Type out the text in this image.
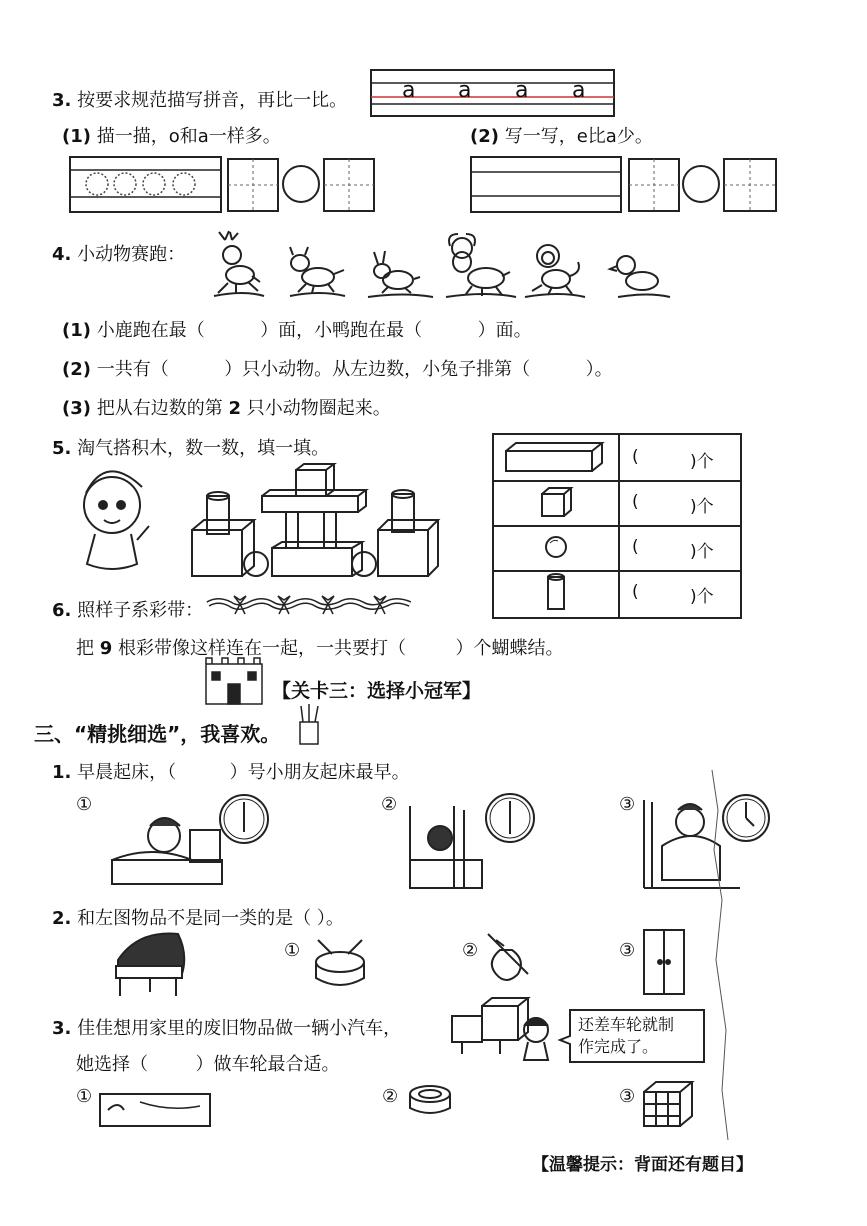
3. 按要求规范描写拼音，再比一比。 a a a a
(1) 描一描，o和a一样多。	(2) 写一写，e比a少。
4. 小动物赛跑：
(1) 小鹿跑在最（	）面，小鸭跑在最（	）面。
(2) 一共有（	）只小动物。从左边数，小兔子排第（	）。
(3) 把从右边数的第 2 只小动物圈起来。
5. 淘气搭积木，数一数，填一填。	(	)个
(	)个
(	)个
(	)个
6. 照样子系彩带：
把 9 根彩带像这样连在一起，一共要打（	）个蝴蝶结。
【关卡三：选择小冠军】
三、“精挑细选”，我喜欢。
1. 早晨起床，（	）号小朋友起床最早。
①	②	③
2. 和左图物品不是同一类的是（ ）。
①	②	③
3. 佳佳想用家里的废旧物品做一辆小汽车，
她选择（	）做车轮最合适。
还差车轮就制
作完成了。
①	②	③
【温馨提示：背面还有题目】
